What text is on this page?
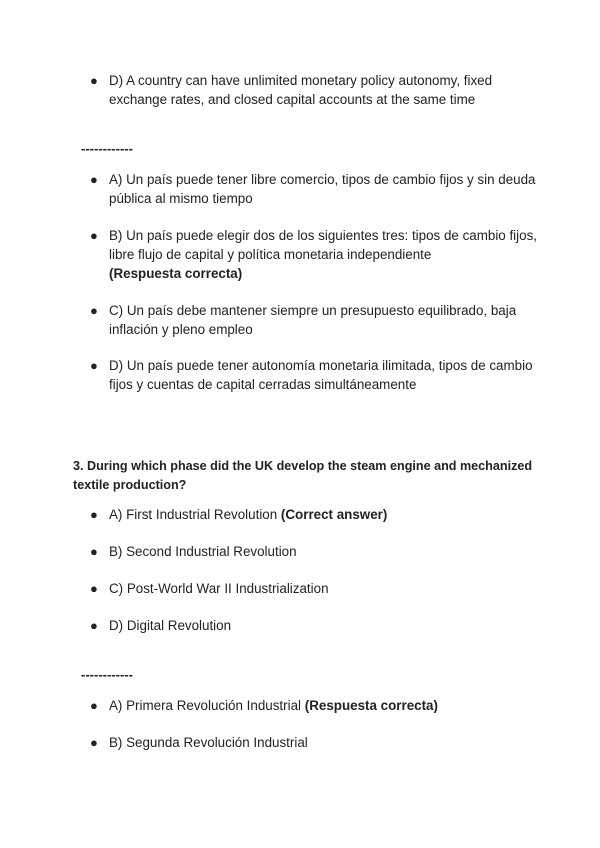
● D) A country can have unlimited monetary policy autonomy, fixed exchange rates, and closed capital accounts at the same time
------------
● A) Un país puede tener libre comercio, tipos de cambio fijos y sin deuda pública al mismo tiempo
● B) Un país puede elegir dos de los siguientes tres: tipos de cambio fijos, libre flujo de capital y política monetaria independiente
(Respuesta correcta)
● C) Un país debe mantener siempre un presupuesto equilibrado, baja inflación y pleno empleo
● D) Un país puede tener autonomía monetaria ilimitada, tipos de cambio fijos y cuentas de capital cerradas simultáneamente
3. During which phase did the UK develop the steam engine and mechanized textile production?
● A) First Industrial Revolution (Correct answer)
● B) Second Industrial Revolution
● C) Post-World War II Industrialization
● D) Digital Revolution
------------
● A) Primera Revolución Industrial (Respuesta correcta)
● B) Segunda Revolución Industrial
